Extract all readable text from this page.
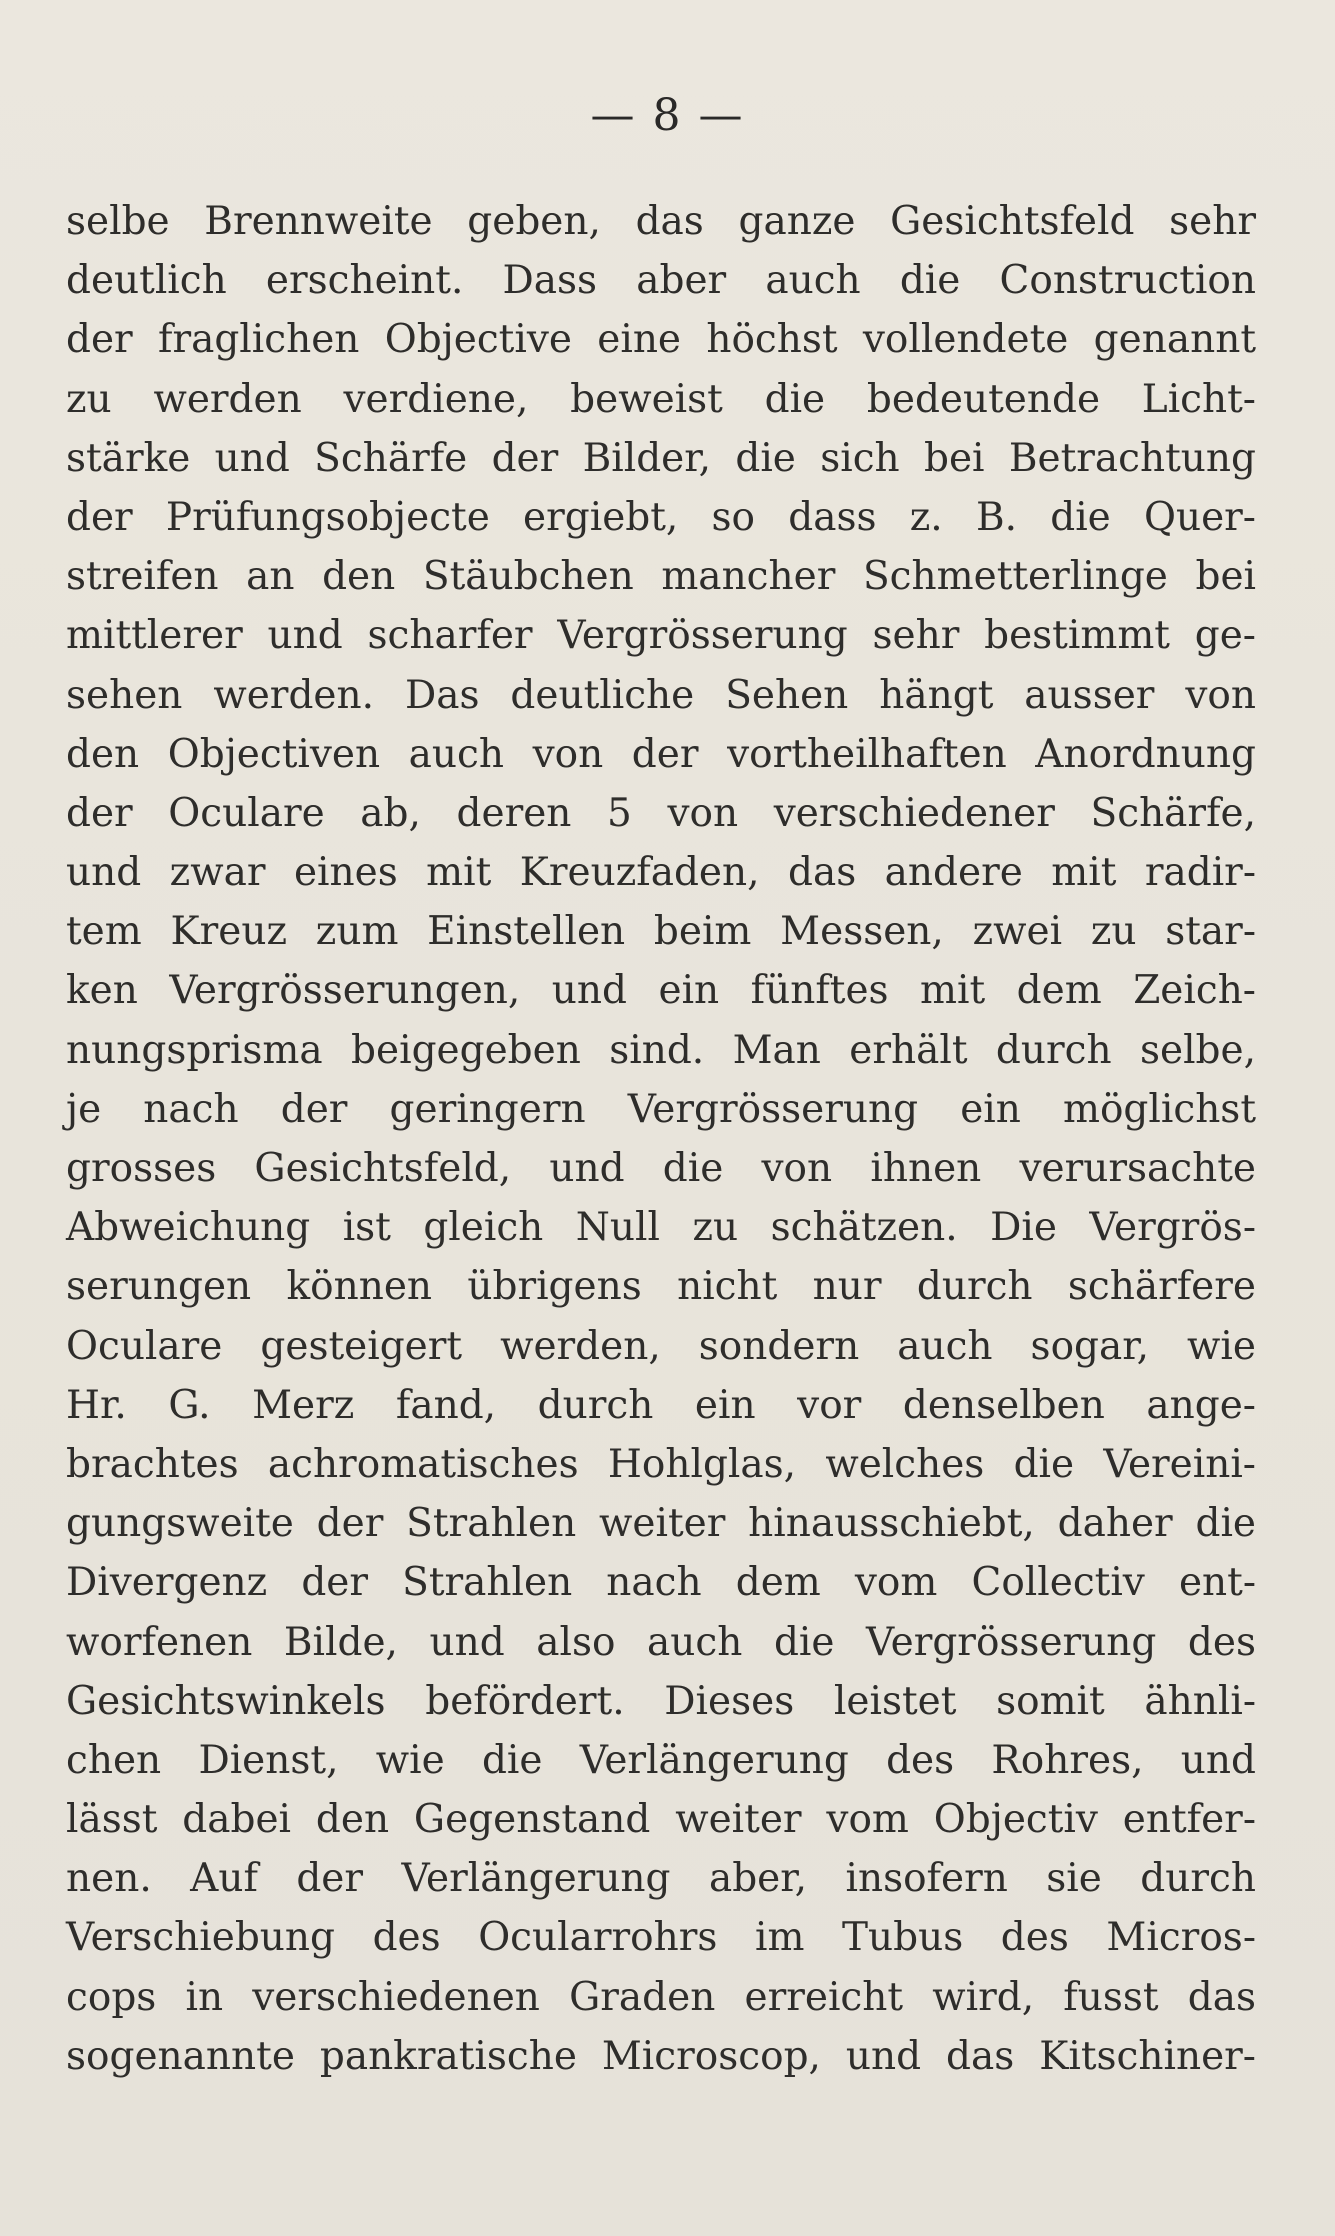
— 8 —
selbe Brennweite geben, das ganze Gesichtsfeld sehr
deutlich erscheint. Dass aber auch die Construction
der fraglichen Objective eine höchst vollendete genannt
zu werden verdiene, beweist die bedeutende Licht-
stärke und Schärfe der Bilder, die sich bei Betrachtung
der Prüfungsobjecte ergiebt, so dass z. B. die Quer-
streifen an den Stäubchen mancher Schmetterlinge bei
mittlerer und scharfer Vergrösserung sehr bestimmt ge-
sehen werden. Das deutliche Sehen hängt ausser von
den Objectiven auch von der vortheilhaften Anordnung
der Oculare ab, deren 5 von verschiedener Schärfe,
und zwar eines mit Kreuzfaden, das andere mit radir-
tem Kreuz zum Einstellen beim Messen, zwei zu star-
ken Vergrösserungen, und ein fünftes mit dem Zeich-
nungsprisma beigegeben sind. Man erhält durch selbe,
je nach der geringern Vergrösserung ein möglichst
grosses Gesichtsfeld, und die von ihnen verursachte
Abweichung ist gleich Null zu schätzen. Die Vergrös-
serungen können übrigens nicht nur durch schärfere
Oculare gesteigert werden, sondern auch sogar, wie
Hr. G. Merz fand, durch ein vor denselben ange-
brachtes achromatisches Hohlglas, welches die Vereini-
gungsweite der Strahlen weiter hinausschiebt, daher die
Divergenz der Strahlen nach dem vom Collectiv ent-
worfenen Bilde, und also auch die Vergrösserung des
Gesichtswinkels befördert. Dieses leistet somit ähnli-
chen Dienst, wie die Verlängerung des Rohres, und
lässt dabei den Gegenstand weiter vom Objectiv entfer-
nen. Auf der Verlängerung aber, insofern sie durch
Verschiebung des Ocularrohrs im Tubus des Micros-
cops in verschiedenen Graden erreicht wird, fusst das
sogenannte pankratische Microscop, und das Kitschiner-
